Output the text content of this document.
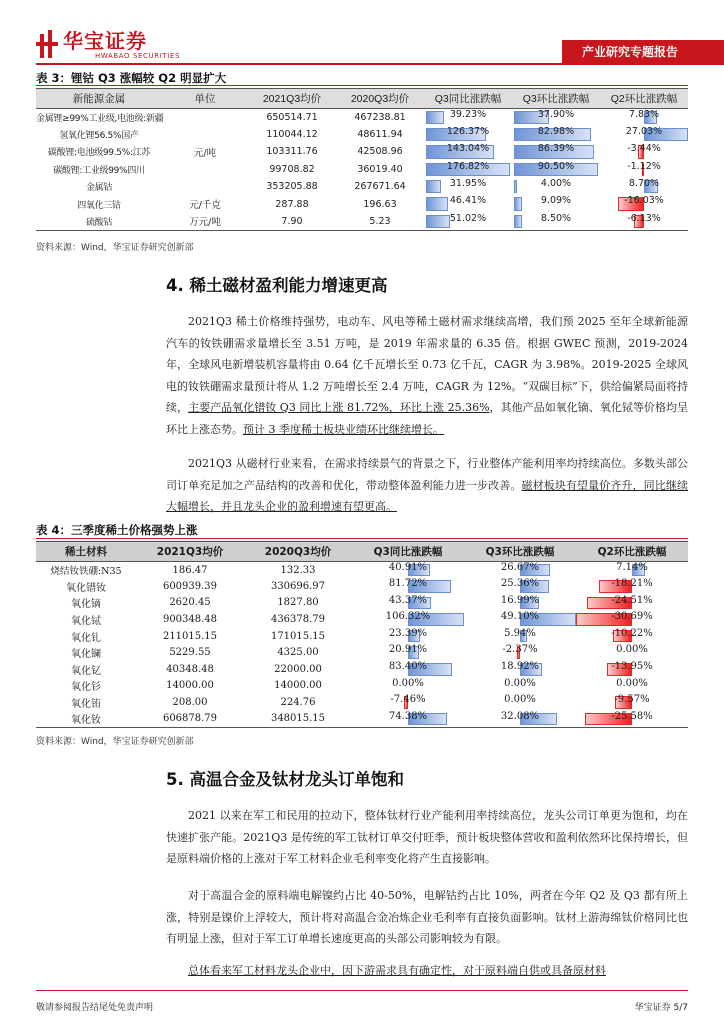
华宝证券
HWABAO SECURITIES	产业研究专题报告
表 3：锂钴 Q3 涨幅较 Q2 明显扩大
新能源金属	单位	2021Q3均价	2020Q3均价	Q3同比涨跌幅	Q3环比涨跌幅	Q2环比涨跌幅
金属锂≥99%工业级,电池级:新疆	元/吨	650514.71	467238.81	39.23%	37.90%	7.83%

氢氧化锂56.5%国产		110044.12	48611.94	126.37%	82.98%	27.03%

碳酸锂:电池级99.5%:江苏		103311.76	42508.96	143.04%	86.39%	-3.44%

碳酸锂:工业级99%四川		99708.82	36019.40	176.82%	90.50%	-1.12%

金属钴		353205.88	267671.64	31.95%	4.00%	8.70%

四氧化三钴	元/千克	287.88	196.63	46.41%	9.09%	-16.03%

硫酸钴	万元/吨	7.90	5.23	51.02%	8.50%	-6.13%
资料来源：Wind，华宝证券研究创新部
4. 稀土磁材盈利能力增速更高
2021Q3 稀土价格维持强势，电动车、风电等稀土磁材需求继续高增，我们预 2025 至年全球新能源汽车的钕铁硼需求量增长至 3.51 万吨，是 2019 年需求量的 6.35 倍。根据 GWEC 预测，2019-2024 年，全球风电新增装机容量将由 0.64 亿千瓦增长至 0.73 亿千瓦，CAGR 为 3.98%。2019-2025 全球风电的钕铁硼需求量预计将从 1.2 万吨增长至 2.4 万吨，CAGR 为 12%。“双碳目标”下，供给偏紧局面将持续，主要产品氧化镨钕 Q3 同比上涨 81.72%，环比上涨 25.36%，其他产品如氧化镝、氧化铽等价格均呈环比上涨态势。预计 3 季度稀土板块业绩环比继续增长。
2021Q3 从磁材行业来看，在需求持续景气的背景之下，行业整体产能利用率均持续高位。多数头部公司订单充足加之产品结构的改善和优化，带动整体盈利能力进一步改善。磁材板块有望量价齐升，同比继续大幅增长，并且龙头企业的盈利增速有望更高。
表 4：三季度稀土价格强势上涨
稀土材料	2021Q3均价	2020Q3均价	Q3同比涨跌幅	Q3环比涨跌幅	Q2环比涨跌幅
烧结钕铁硼:N35	186.47	132.33	40.91%	26.67%	7.14%

氧化镨钕	600939.39	330696.97	81.72%	25.36%	-18.21%

氧化镝	2620.45	1827.80	43.37%	16.99%	-24.51%

氧化铽	900348.48	436378.79	106.32%	49.10%	-30.69%

氧化钆	211015.15	171015.15	23.39%	5.94%	-10.22%

氧化镧	5229.55	4325.00	20.91%	-2.37%	0.00%

氧化钇	40348.48	22000.00	83.40%	18.92%	-13.95%

氧化钐	14000.00	14000.00	0.00%	0.00%	0.00%

氧化铕	208.00	224.76	-7.46%	0.00%	-9.57%

氧化钕	606878.79	348015.15	74.38%	32.08%	-25.58%
资料来源：Wind，华宝证券研究创新部
5. 高温合金及钛材龙头订单饱和
2021 以来在军工和民用的拉动下，整体钛材行业产能利用率持续高位，龙头公司订单更为饱和，均在快速扩张产能。2021Q3 是传统的军工钛材订单交付旺季，预计板块整体营收和盈利依然环比保持增长，但是原料端价格的上涨对于军工材料企业毛利率变化将产生直接影响。
对于高温合金的原料端电解镍约占比 40-50%，电解钴约占比 10%，两者在今年 Q2 及 Q3 都有所上涨，特别是镍价上浮较大，预计将对高温合金冶炼企业毛利率有直接负面影响。钛材上游海绵钛价格同比也有明显上涨，但对于军工订单增长速度更高的头部公司影响较为有限。
总体看来军工材料龙头企业中，因下游需求具有确定性，对于原料端自供或具备原材料
敬请参阅报告结尾处免责声明	华宝证券 5/7
